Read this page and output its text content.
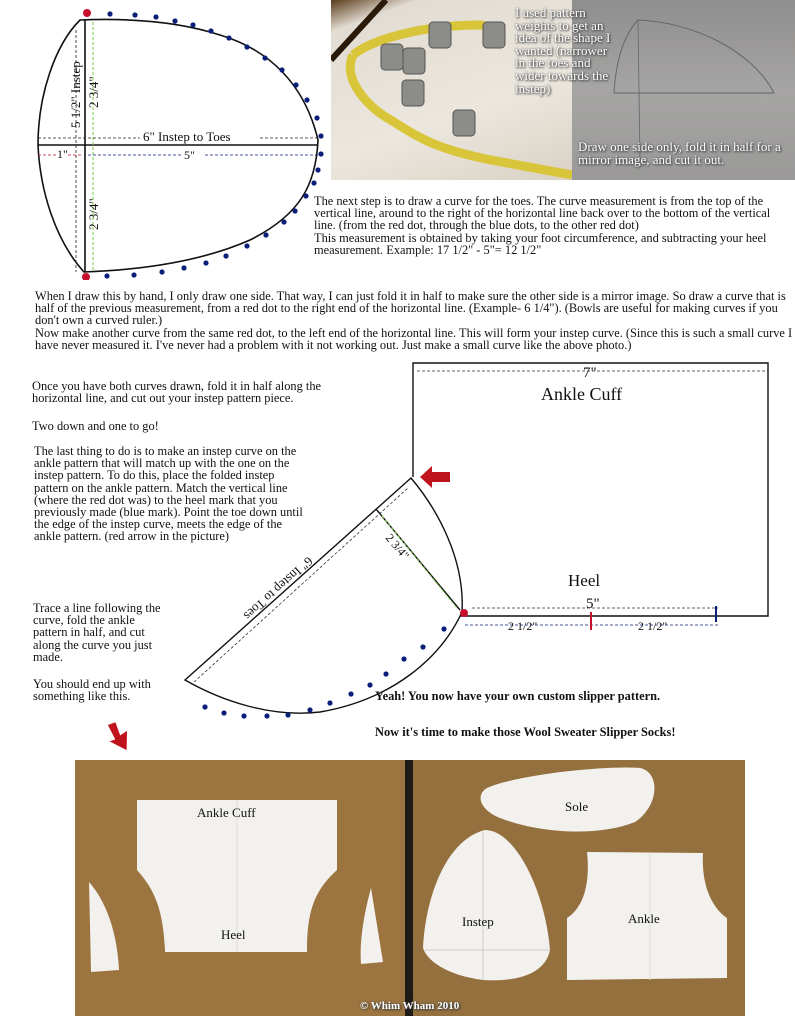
5 1/2" Instep 2 3/4"
2 3/4"
6" Instep to Toes
1"	5"
I used pattern weights to get an idea of the shape I wanted (narrower in the toes and wider towards the instep)
Draw one side only, fold it in half for a mirror image, and cut it out.
The next step is to draw a curve for the toes. The curve measurement is from the top of the vertical line, around to the right of the horizontal line back over to the bottom of the vertical line. (from the red dot, through the blue dots, to the other red dot)
This measurement is obtained by taking your foot circumference, and subtracting your heel measurement. Example: 17 1/2" - 5"= 12 1/2"
When I draw this by hand, I only draw one side. That way, I can just fold it in half to make sure the other side is a mirror image. So draw a curve that is half of the previous measurement, from a red dot to the right end of the horizontal line. (Example- 6 1/4"). (Bowls are useful for making curves if you don't own a curved ruler.)
Now make another curve from the same red dot, to the left end of the horizontal line. This will form your instep curve. (Since this is such a small curve I have never measured it. I've never had a problem with it not working out. Just make a small curve like the above photo.)
Once you have both curves drawn, fold it in half along the horizontal line, and cut out your instep pattern piece.
Two down and one to go!
The last thing to do is to make an instep curve on the ankle pattern that will match up with the one on the instep pattern. To do this, place the folded instep pattern on the ankle pattern. Match the vertical line (where the red dot was) to the heel mark that you previously made (blue mark). Point the toe down until the edge of the instep curve, meets the edge of the ankle pattern. (red arrow in the picture)
Trace a line following the curve, fold the ankle pattern in half, and cut along the curve you just made.
You should end up with something like this.
7"
Ankle Cuff
Heel
5"
2 1/2"	2 1/2"
2 3/4"
6" Instep to Toes
Yeah! You now have your own custom slipper pattern.
Now it's time to make those Wool Sweater Slipper Socks!
Ankle Cuff
Heel
Sole
Instep	Ankle
© Whim Wham 2010
